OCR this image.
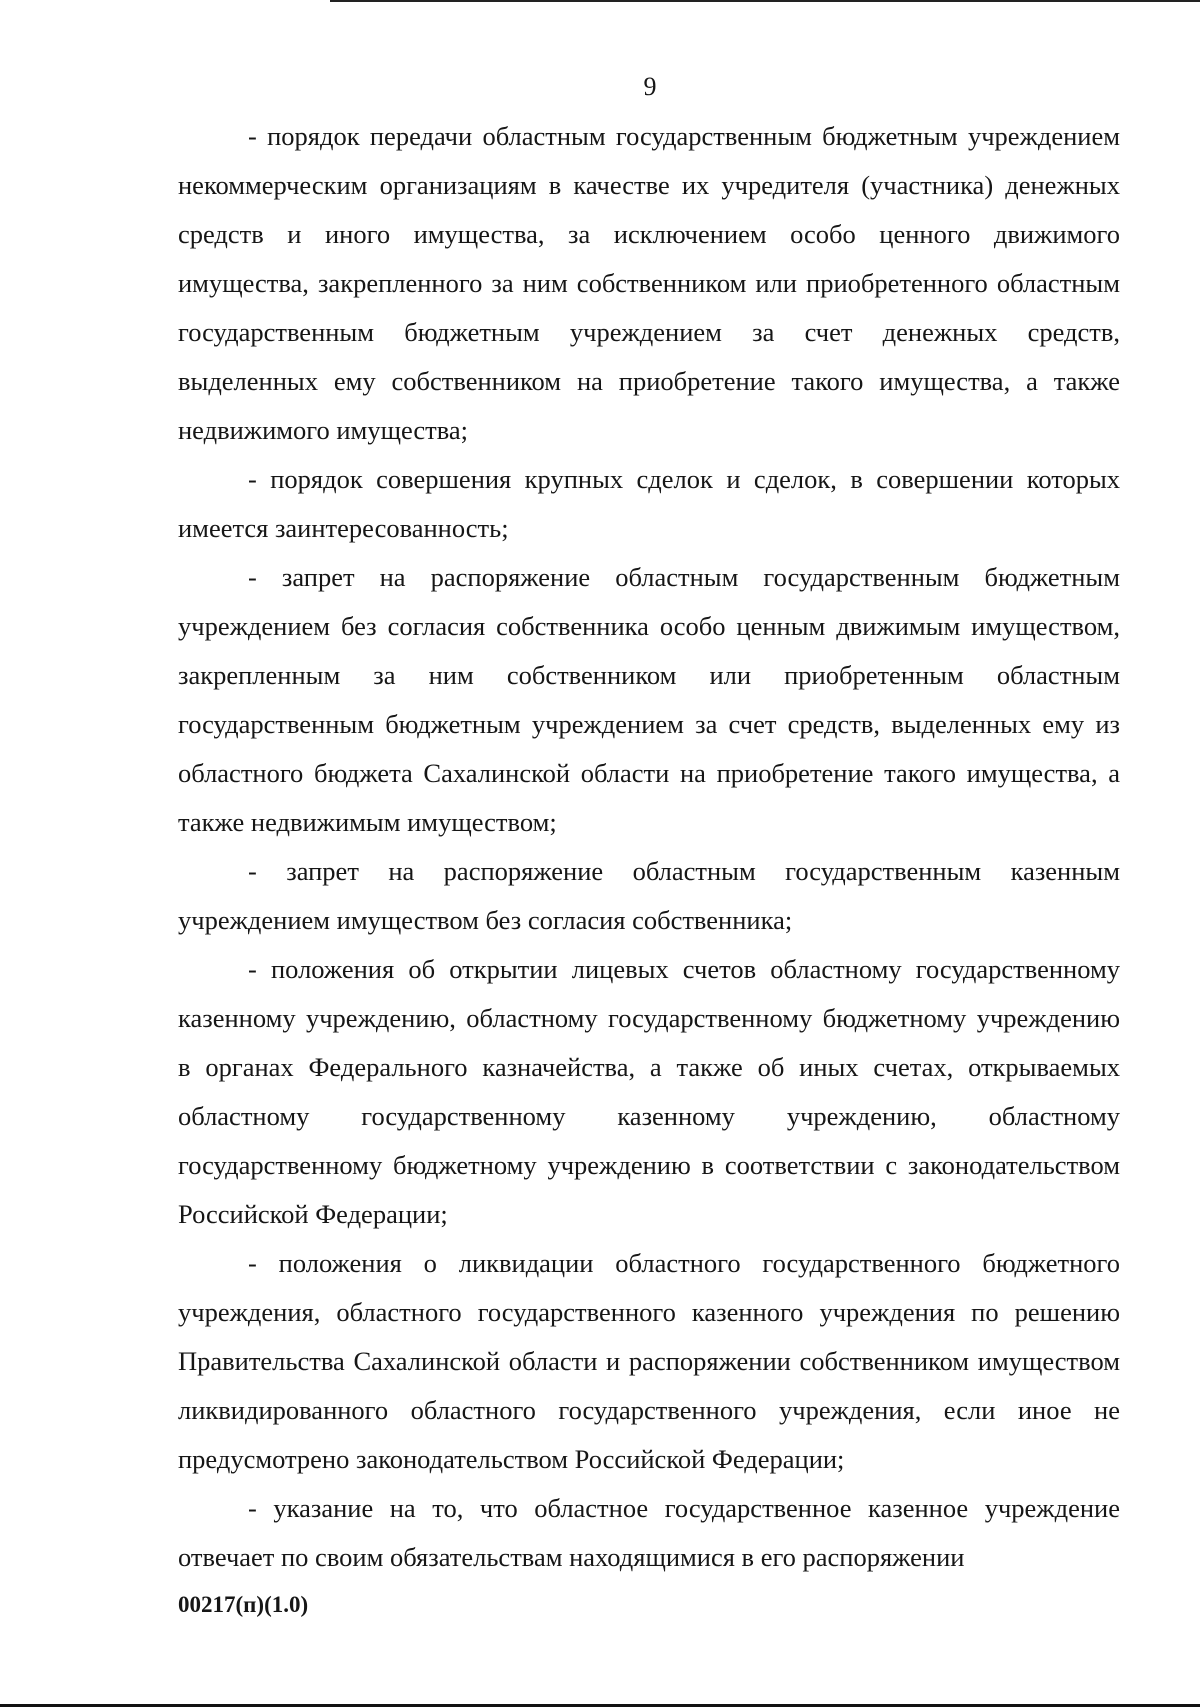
9

- порядок передачи областным государственным бюджетным учреждением некоммерческим организациям в качестве их учредителя (участника) денежных средств и иного имущества, за исключением особо ценного движимого имущества, закрепленного за ним собственником или приобретенного областным государственным бюджетным учреждением за счет денежных средств, выделенных ему собственником на приобретение такого имущества, а также недвижимого имущества;

- порядок совершения крупных сделок и сделок, в совершении которых имеется заинтересованность;

- запрет на распоряжение областным государственным бюджетным учреждением без согласия собственника особо ценным движимым имуществом, закрепленным за ним собственником или приобретенным областным государственным бюджетным учреждением за счет средств, выделенных ему из областного бюджета Сахалинской области на приобретение такого имущества, а также недвижимым имуществом;

- запрет на распоряжение областным государственным казенным учреждением имуществом без согласия собственника;

- положения об открытии лицевых счетов областному государственному казенному учреждению, областному государственному бюджетному учреждению в органах Федерального казначейства, а также об иных счетах, открываемых областному государственному казенному учреждению, областному государственному бюджетному учреждению в соответствии с законодательством Российской Федерации;

- положения о ликвидации областного государственного бюджетного учреждения, областного государственного казенного учреждения по решению Правительства Сахалинской области и распоряжении собственником имуществом ликвидированного областного государственного учреждения, если иное не предусмотрено законодательством Российской Федерации;

- указание на то, что областное государственное казенное учреждение отвечает по своим обязательствам находящимися в его распоряжении

00217(п)(1.0)
